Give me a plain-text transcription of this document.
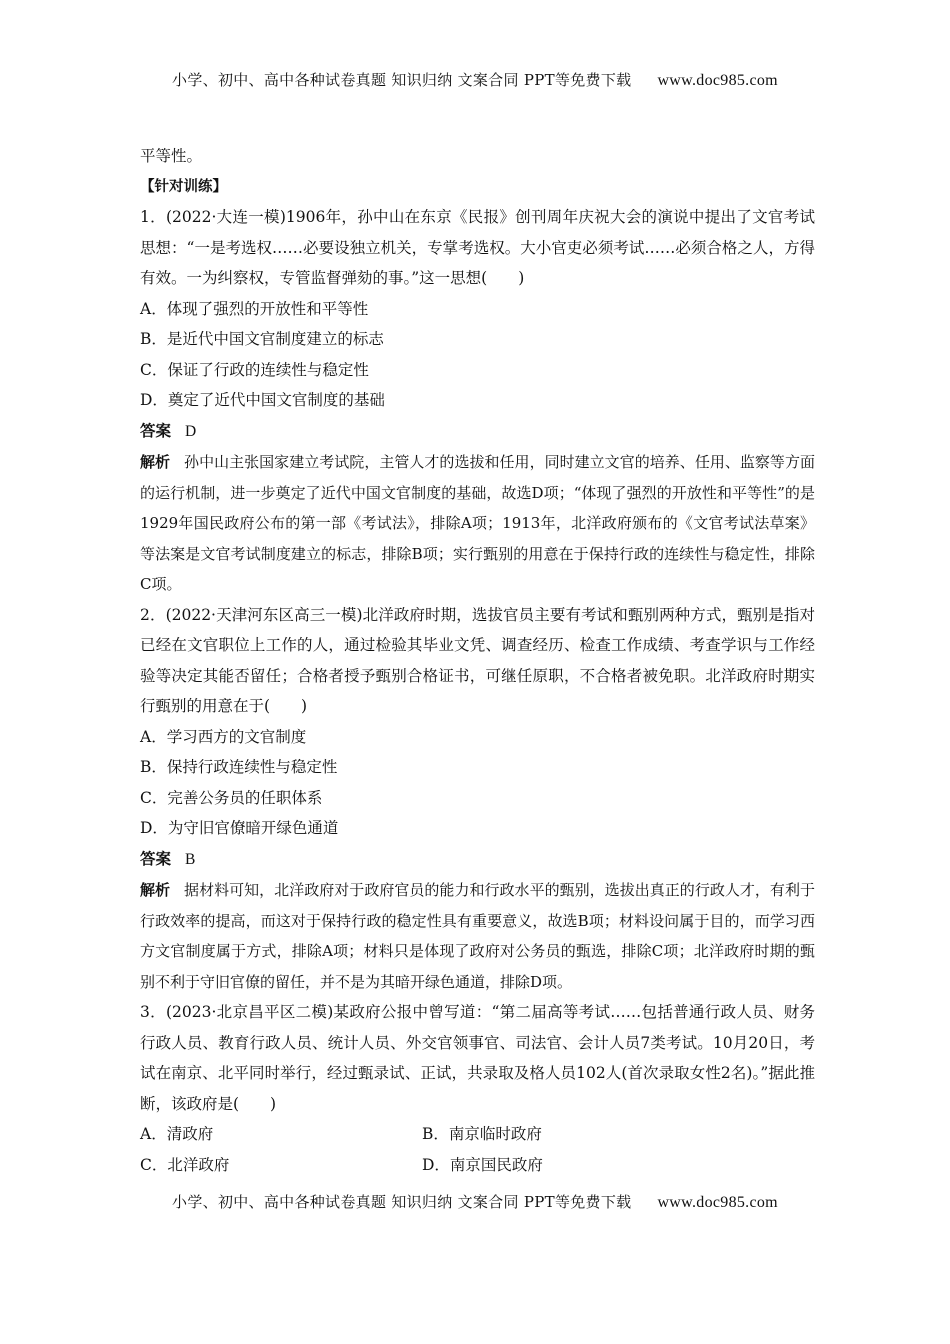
小学、初中、高中各种试卷真题 知识归纳 文案合同 PPT等免费下载 www.doc985.com

平等性。

【针对训练】

1．(2022·大连一模)1906年，孙中山在东京《民报》创刊周年庆祝大会的演说中提出了文官考试思想：“一是考选权……必要设独立机关，专掌考选权。大小官吏必须考试……必须合格之人，方得有效。一为纠察权，专管监督弹劾的事。”这一思想(　　)

A．体现了强烈的开放性和平等性

B．是近代中国文官制度建立的标志

C．保证了行政的连续性与稳定性

D．奠定了近代中国文官制度的基础

答案 D

解析 孙中山主张国家建立考试院，主管人才的选拔和任用，同时建立文官的培养、任用、监察等方面的运行机制，进一步奠定了近代中国文官制度的基础，故选D项；“体现了强烈的开放性和平等性”的是1929年国民政府公布的第一部《考试法》，排除A项；1913年，北洋政府颁布的《文官考试法草案》等法案是文官考试制度建立的标志，排除B项；实行甄别的用意在于保持行政的连续性与稳定性，排除C项。

2．(2022·天津河东区高三一模)北洋政府时期，选拔官员主要有考试和甄别两种方式，甄别是指对已经在文官职位上工作的人，通过检验其毕业文凭、调查经历、检查工作成绩、考查学识与工作经验等决定其能否留任；合格者授予甄别合格证书，可继任原职，不合格者被免职。北洋政府时期实行甄别的用意在于(　　)

A．学习西方的文官制度

B．保持行政连续性与稳定性

C．完善公务员的任职体系

D．为守旧官僚暗开绿色通道

答案 B

解析 据材料可知，北洋政府对于政府官员的能力和行政水平的甄别，选拔出真正的行政人才，有利于行政效率的提高，而这对于保持行政的稳定性具有重要意义，故选B项；材料设问属于目的，而学习西方文官制度属于方式，排除A项；材料只是体现了政府对公务员的甄选，排除C项；北洋政府时期的甄别不利于守旧官僚的留任，并不是为其暗开绿色通道，排除D项。

3．(2023·北京昌平区二模)某政府公报中曾写道：“第二届高等考试……包括普通行政人员、财务行政人员、教育行政人员、统计人员、外交官领事官、司法官、会计人员7类考试。10月20日，考试在南京、北平同时举行，经过甄录试、正试，共录取及格人员102人(首次录取女性2名)。”据此推断，该政府是(　　)

A．清政府	B．南京临时政府
C．北洋政府	D．南京国民政府
小学、初中、高中各种试卷真题 知识归纳 文案合同 PPT等免费下载 www.doc985.com
